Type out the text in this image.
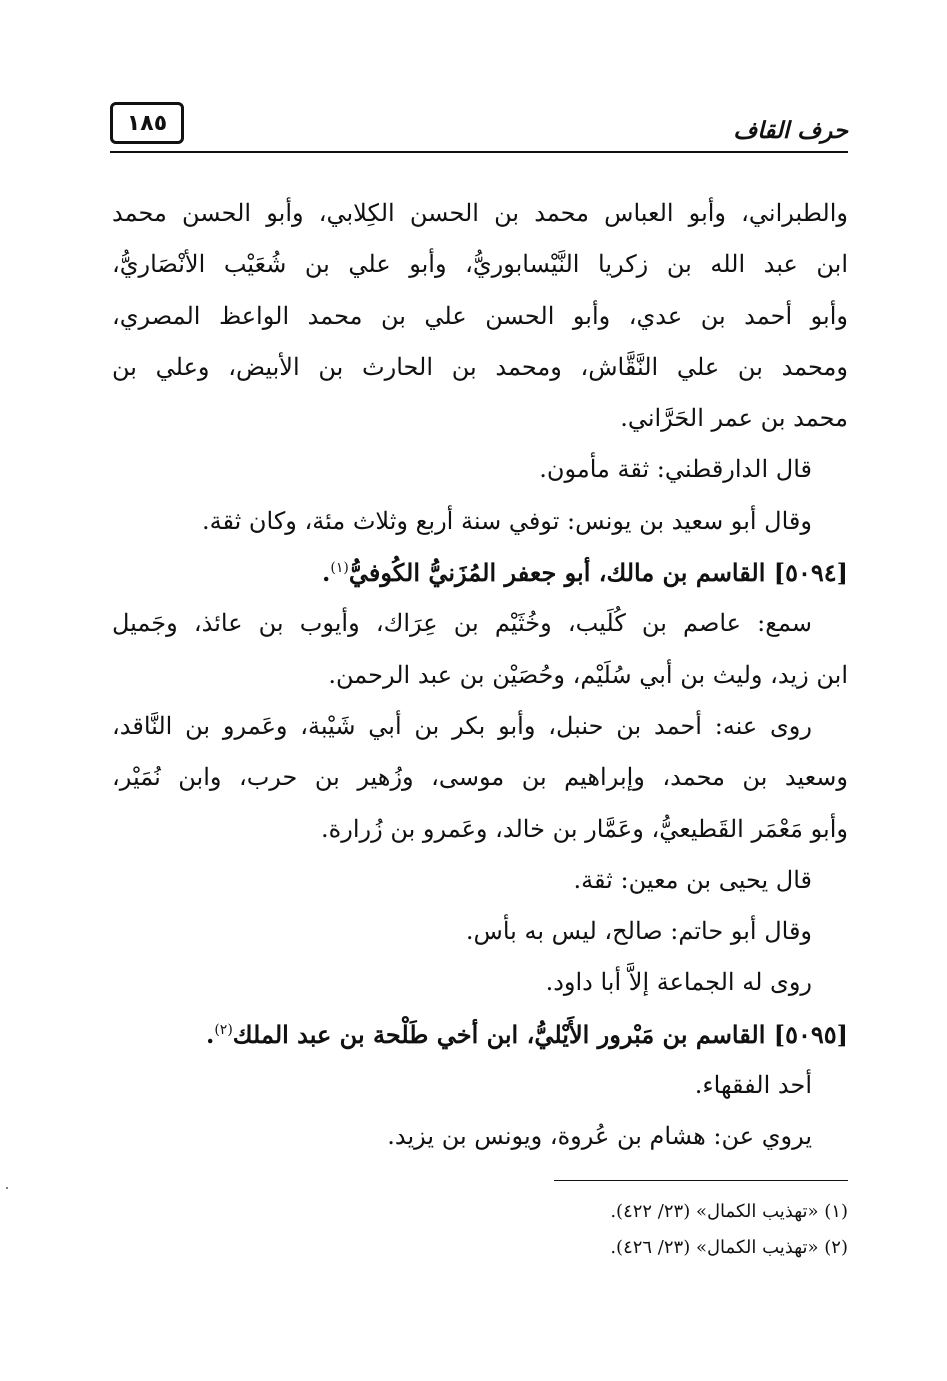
١٨٥	حرف القاف
والطبراني، وأبو العباس محمد بن الحسن الكِلابي، وأبو الحسن محمد
ابن عبد الله بن زكريا النَّيْسابوريُّ، وأبو علي بن شُعَيْب الأنْصَاريُّ،
وأبو أحمد بن عدي، وأبو الحسن علي بن محمد الواعظ المصري،
ومحمد بن علي النَّقَّاش، ومحمد بن الحارث بن الأبيض، وعلي بن
محمد بن عمر الحَرَّاني.
قال الدارقطني: ثقة مأمون.
وقال أبو سعيد بن يونس: توفي سنة أربع وثلاث مئة، وكان ثقة.
[٥٠٩٤] القاسم بن مالك، أبو جعفر المُزَنيُّ الكُوفيُّ$^{(١)}$.
سمع: عاصم بن كُلَيب، وخُثَيْم بن عِرَاك، وأيوب بن عائذ، وجَميل
ابن زيد، وليث بن أبي سُلَيْم، وحُصَيْن بن عبد الرحمن.
روى عنه: أحمد بن حنبل، وأبو بكر بن أبي شَيْبة، وعَمرو بن النَّاقد،
وسعيد بن محمد، وإبراهيم بن موسى، وزُهير بن حرب، وابن نُمَيْر،
وأبو مَعْمَر القَطيعيُّ، وعَمَّار بن خالد، وعَمرو بن زُرارة.
قال يحيى بن معين: ثقة.
وقال أبو حاتم: صالح، ليس به بأس.
روى له الجماعة إلاَّ أبا داود.
[٥٠٩٥] القاسم بن مَبْرور الأَيْليُّ، ابن أخي طَلْحة بن عبد الملك$^{(٢)}$.
أحد الفقهاء.
يروي عن: هشام بن عُروة، ويونس بن يزيد.
(١) «تهذيب الكمال» (٢٣/ ٤٢٢).
(٢) «تهذيب الكمال» (٢٣/ ٤٢٦).
